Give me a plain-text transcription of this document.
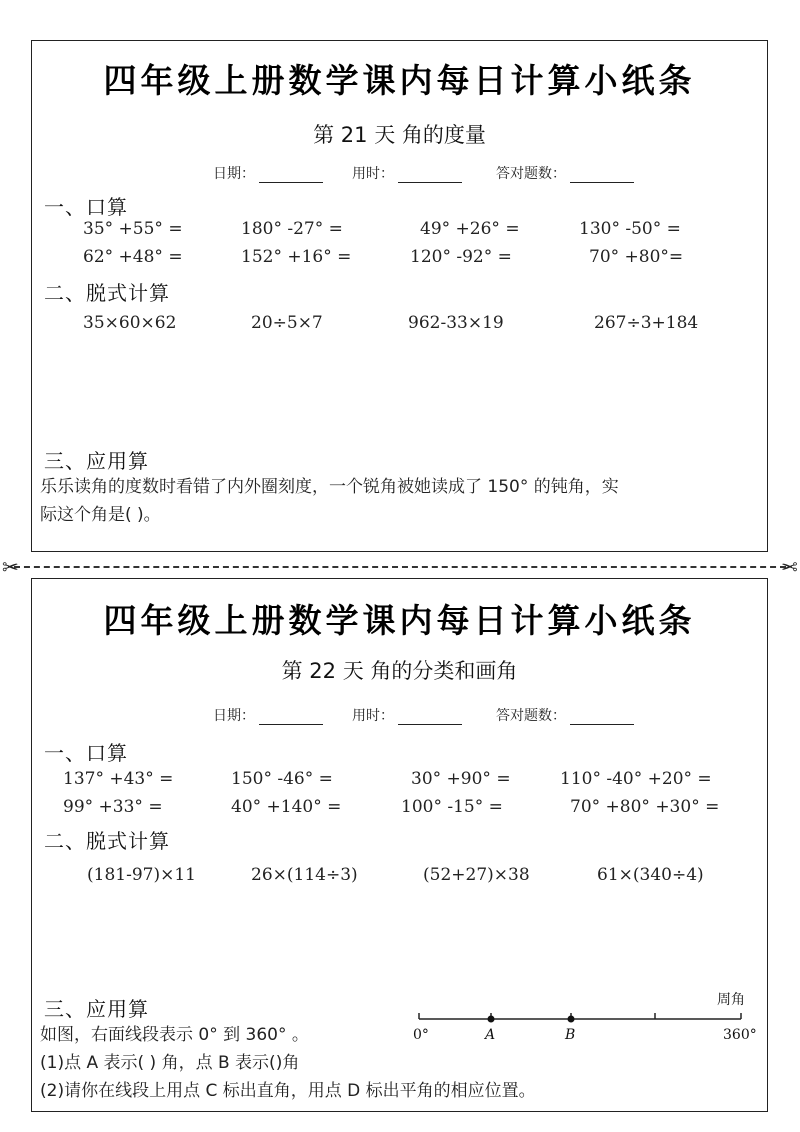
四年级上册数学课内每日计算小纸条
第 21 天 角的度量
日期：	用时：	答对题数：
一、口算
35° +55° =	180° -27° =	49° +26° =	130° -50° =
62° +48° =	152° +16° =	120° -92° =	70° +80°=
二、脱式计算
35×60×62	20÷5×7	962-33×19	267÷3+184
三、应用算
乐乐读角的度数时看错了内外圈刻度，一个锐角被她读成了 150° 的钝角，实
际这个角是( )。
✂	✂
四年级上册数学课内每日计算小纸条
第 22 天 角的分类和画角
日期：	用时：	答对题数：
一、口算
137° +43° =	150° -46° =	30° +90° =	110° -40° +20° =
99° +33° =	40° +140° =	100° -15° =	70° +80° +30° =
二、脱式计算
(181-97)×11	26×(114÷3)	(52+27)×38	61×(340÷4)
三、应用算
如图，右面线段表示 0° 到 360° 。
(1)点 A 表示( ) 角，点 B 表示()角
(2)请你在线段上用点 C 标出直角，用点 D 标出平角的相应位置。
周角
0°	A	B	360°
